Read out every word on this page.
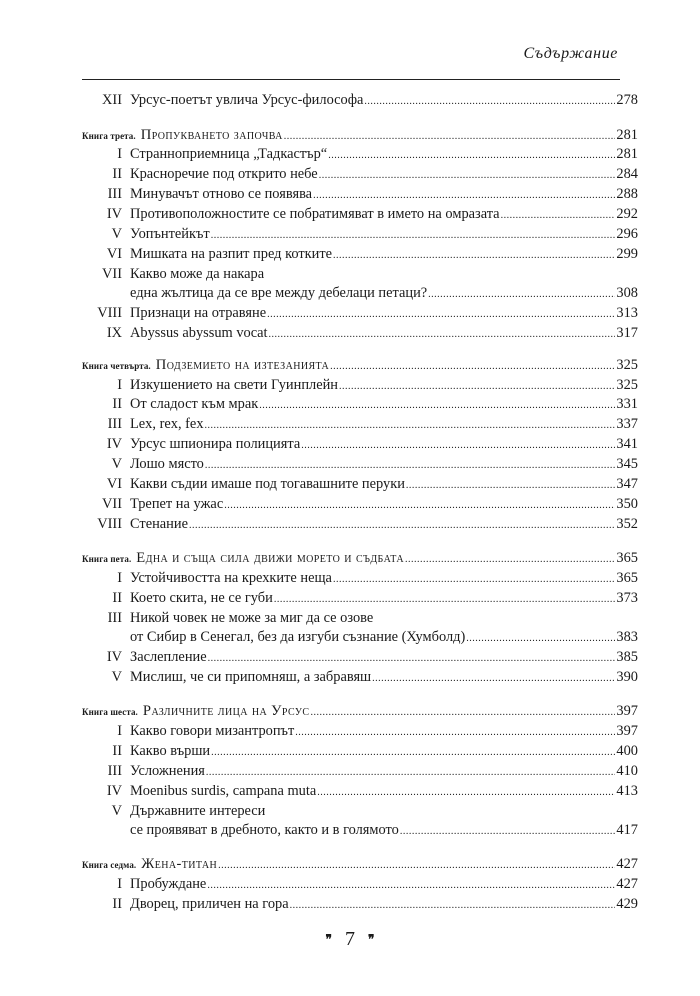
Съдържание
XII Урсус-поетът увлича Урсус-философа .....	278
Книга трета. Пропукването започва .....	281
I Странноприемница „Тадкастър“ .....	281
II Красноречие под открито небе .....	284
III Минувачът отново се появява .....	288
IV Противоположностите се побратимяват в името на омразата .....	292
V Уопънтейкът .....	296
VI Мишката на разпит пред котките .....	299
VII Какво може да накара
една жълтица да се вре между дебелаци петаци? .....	308
VIII Признаци на отравяне .....	313
IX Abyssus abyssum vocat .....	317
Книга четвърта. Подземието на изтезанията .....	325
I Изкушението на свети Гуинплейн .....	325
II От сладост към мрак .....	331
III Lex, rex, fex .....	337
IV Урсус шпионира полицията .....	341
V Лошо място .....	345
VI Какви съдии имаше под тогавашните перуки .....	347
VII Трепет на ужас .....	350
VIII Стенание .....	352
Книга пета. Една и съща сила движи морето и съдбата .....	365
I Устойчивостта на крехките неща .....	365
II Което скита, не се губи .....	373
III Никой човек не може за миг да се озове
от Сибир в Сенегал, без да изгуби съзнание (Хумболд) .....	383
IV Заслепление .....	385
V Мислиш, че си припомняш, а забравяш .....	390
Книга шеста. Различните лица на Урсус .....	397
I Какво говори мизантропът .....	397
II Какво върши .....	400
III Усложнения .....	410
IV Moenibus surdis, campana muta .....	413
V Държавните интереси
се проявяват в дребното, както и в голямото .....	417
Книга седма. Жена-титан .....	427
I Пробуждане .....	427
II Дворец, приличен на гора .....	429
❞ 7 ❞
